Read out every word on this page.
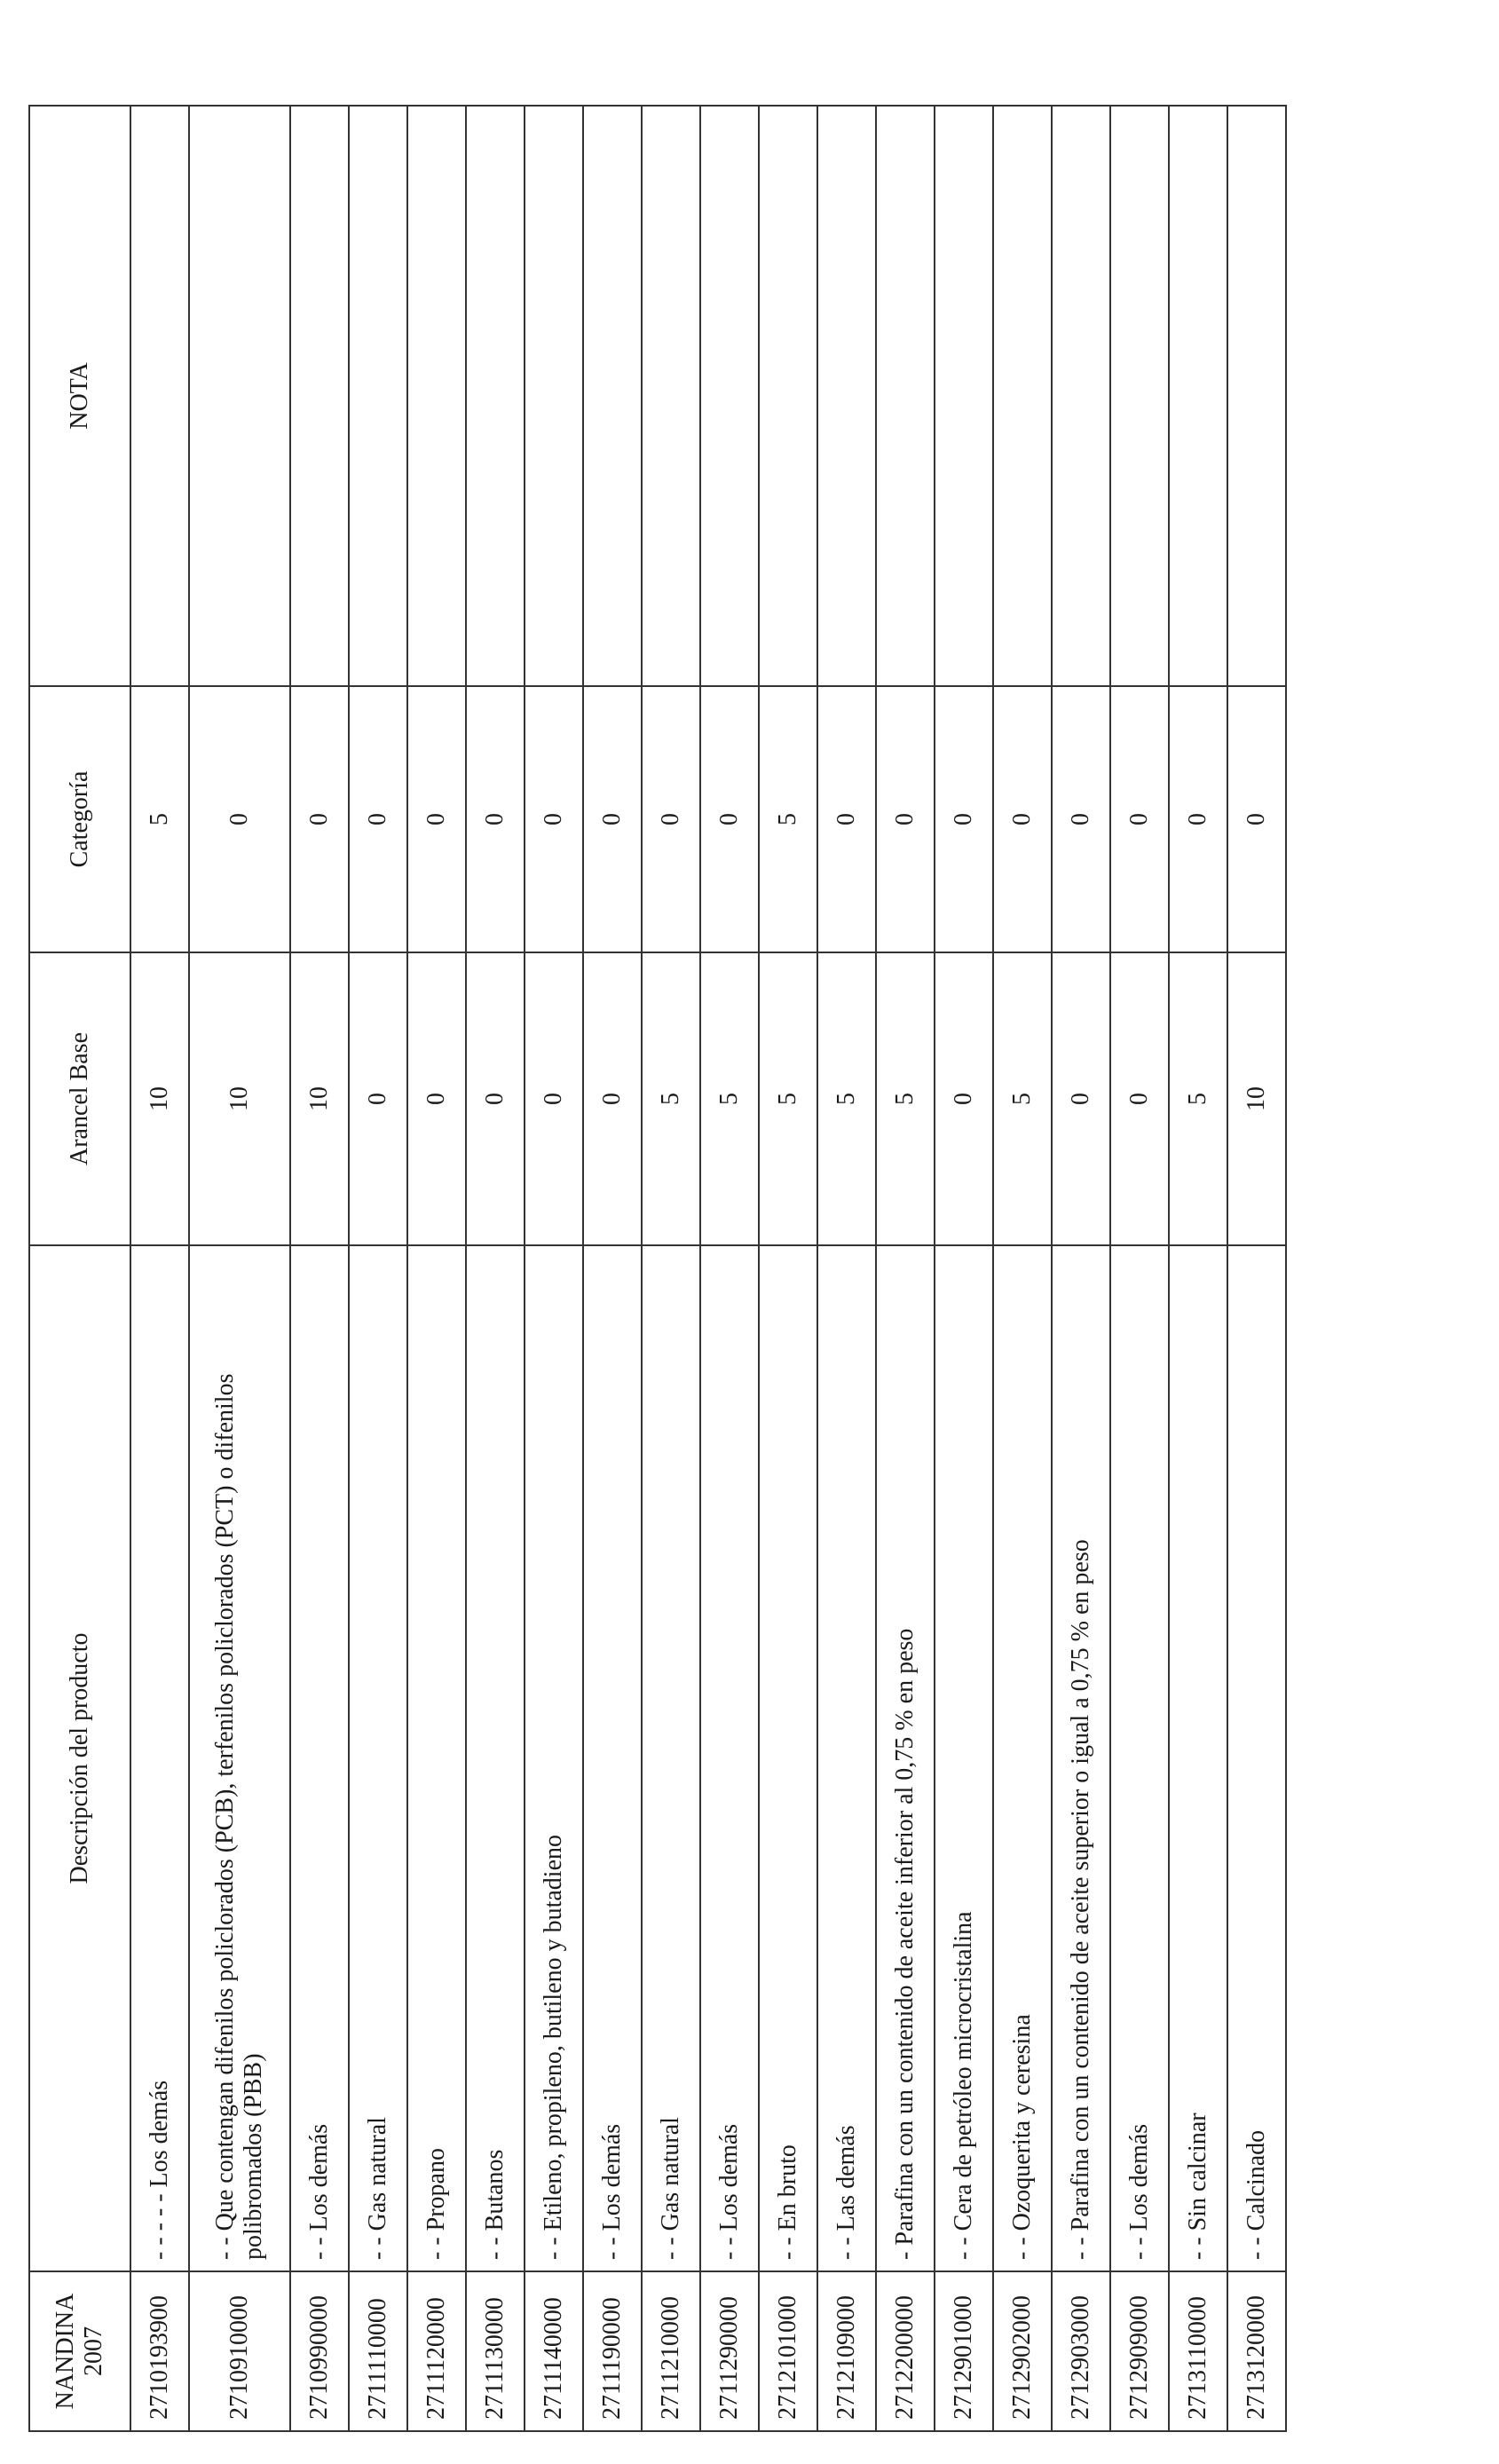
NANDINA 2007	Descripción del producto	Arancel Base	Categoría	NOTA
2710193900	- - - - - Los demás	10	5	
2710910000	- - Que contengan difenilos policlorados (PCB), terfenilos policlorados (PCT) o difenilos polibromados (PBB)	10	0	
2710990000	- - Los demás	10	0	
2711110000	- - Gas natural	0	0	
2711120000	- - Propano	0	0	
2711130000	- - Butanos	0	0	
2711140000	- - Etileno, propileno, butileno y butadieno	0	0	
2711190000	- - Los demás	0	0	
2711210000	- - Gas natural	5	0	
2711290000	- - Los demás	5	0	
2712101000	- - En bruto	5	5	
2712109000	- - Las demás	5	0	
2712200000	- Parafina con un contenido de aceite inferior al 0,75 % en peso	5	0	
2712901000	- - Cera de petróleo microcristalina	0	0	
2712902000	- - Ozoquerita y ceresina	5	0	
2712903000	- - Parafina con un contenido de aceite superior o igual a 0,75 % en peso	0	0	
2712909000	- - Los demás	0	0	
2713110000	- - Sin calcinar	5	0	
2713120000	- - Calcinado	10	0	
